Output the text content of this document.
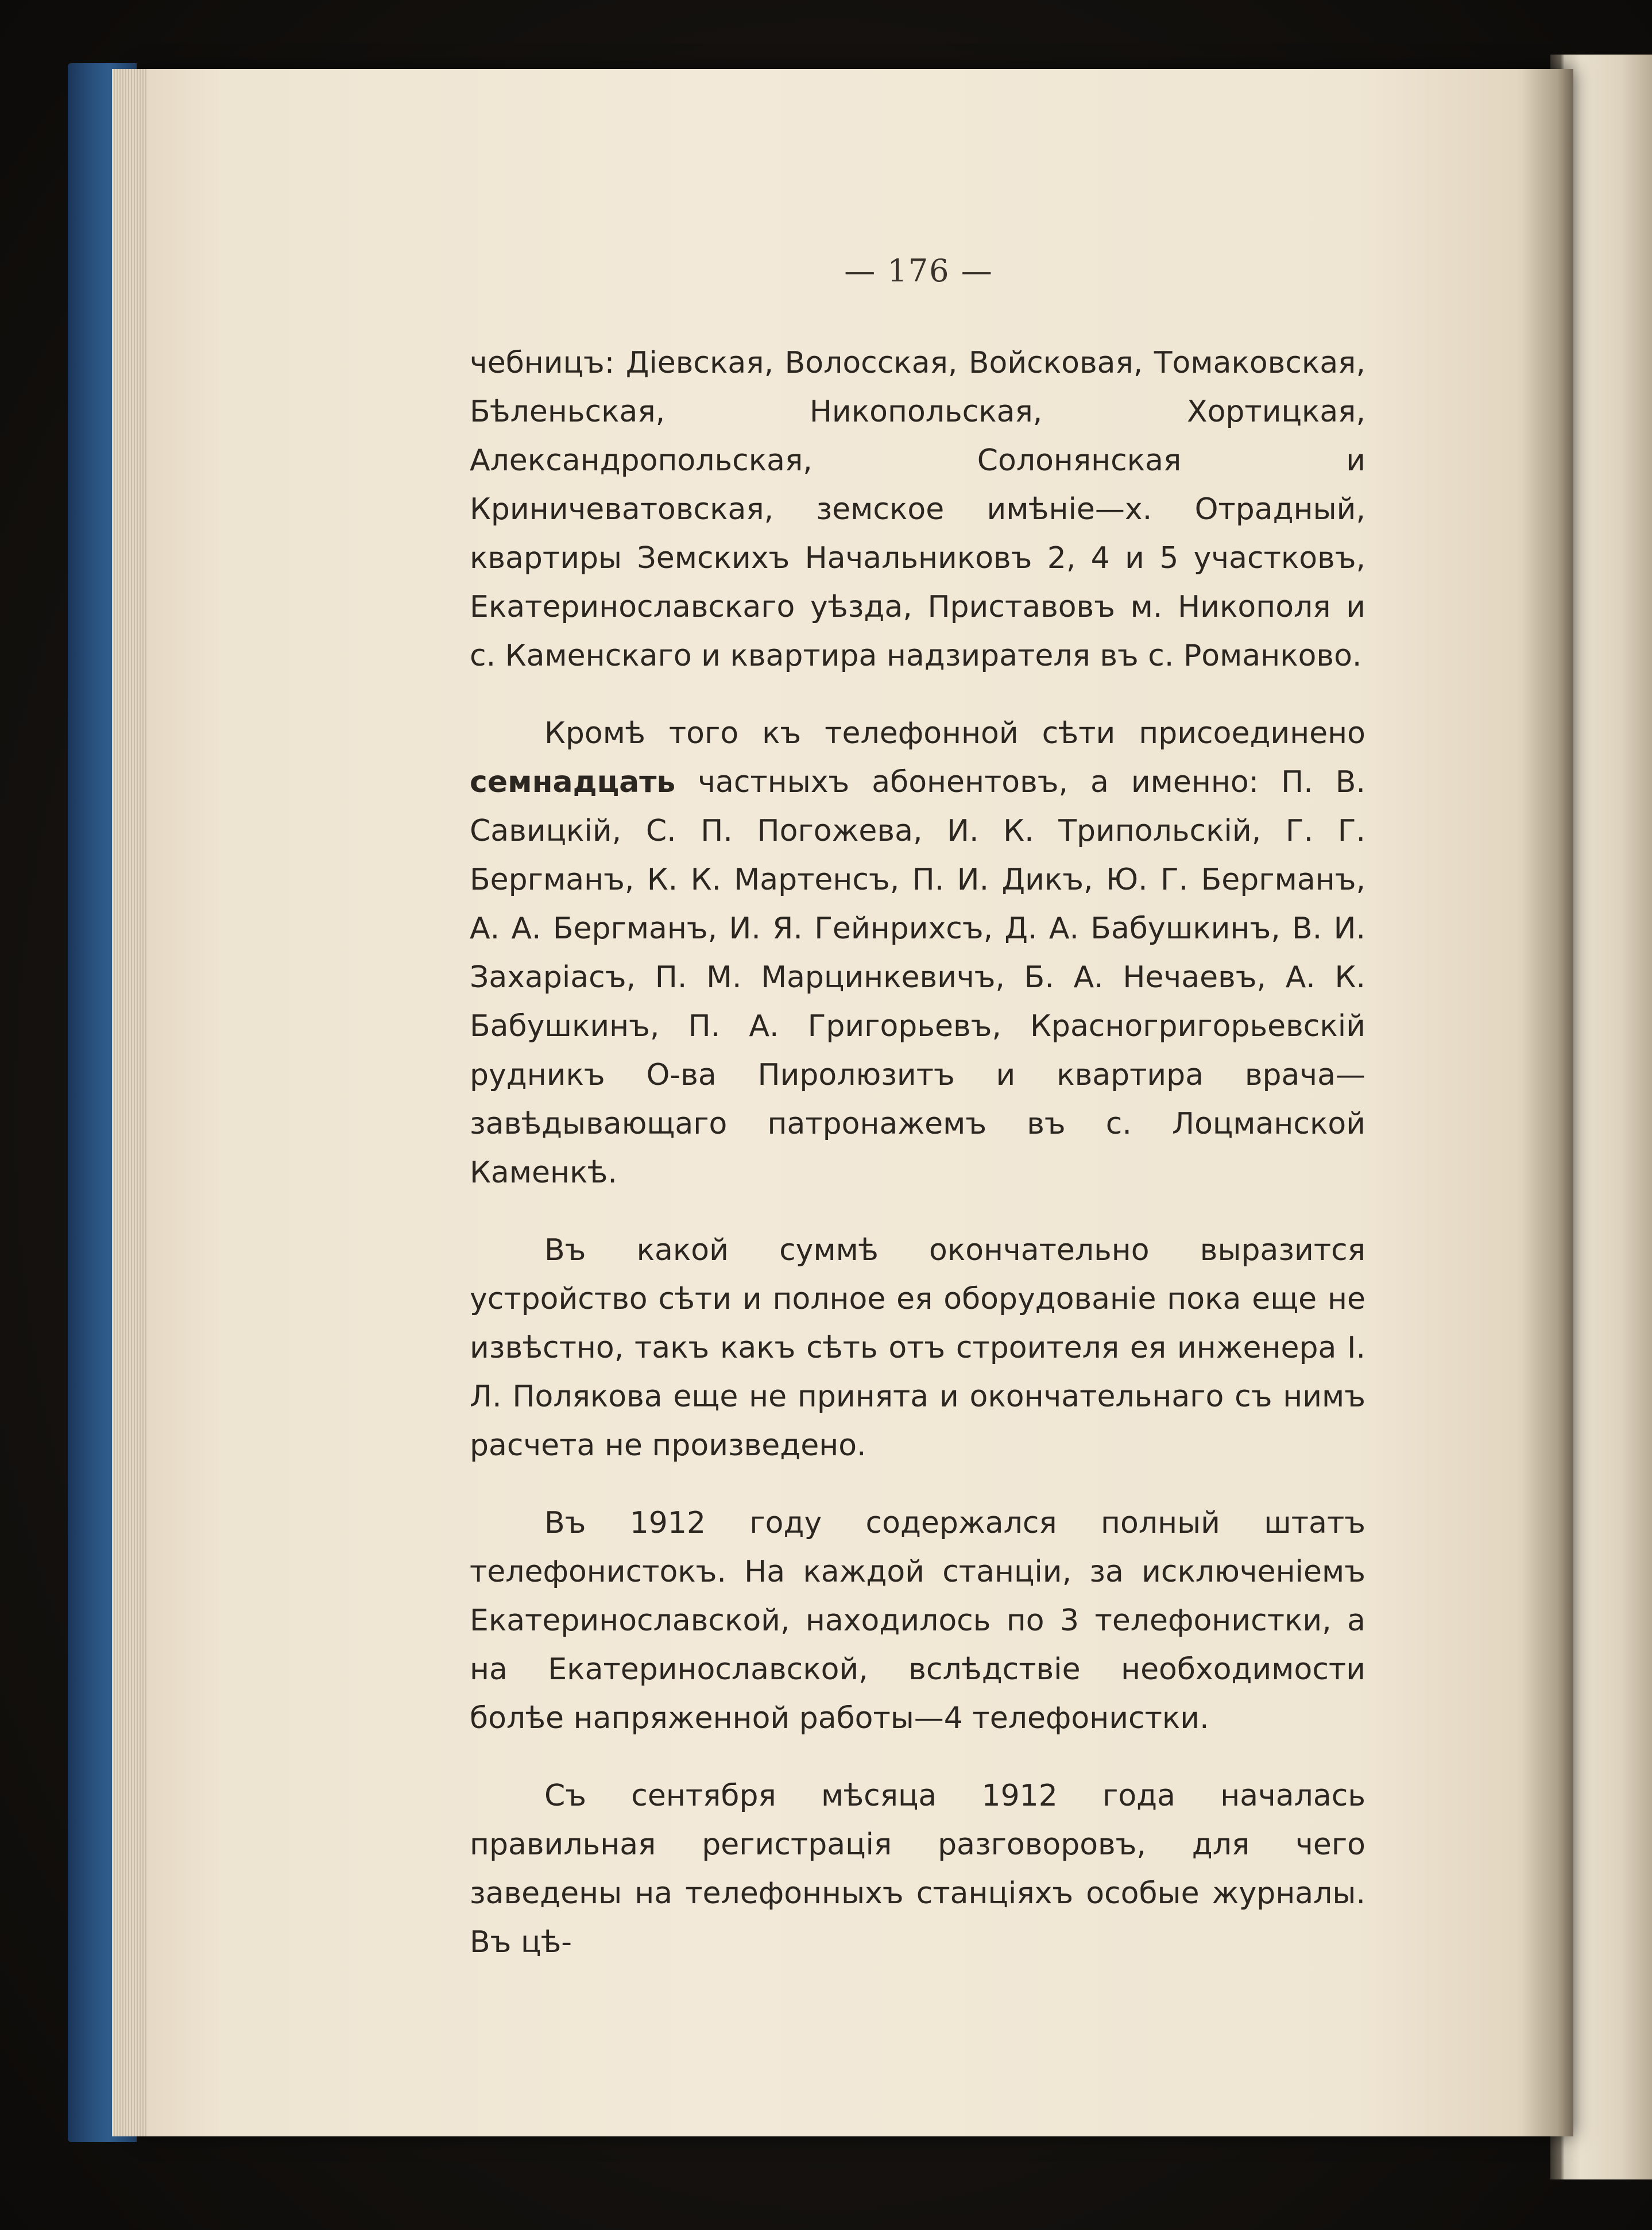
— 176 —

чебницъ: Дiевская, Волосская, Войсковая, Томаковская, Бѣленьская, Никопольская, Хортицкая, Александропольская, Солонянская и Криничеватовская, земское имѣнiе—х. Отрадный, квартиры Земскихъ Начальниковъ 2, 4 и 5 участковъ, Екатеринославскаго уѣзда, Приставовъ м. Никополя и с. Каменскаго и квартира надзирателя въ с. Романково.

Кромѣ того къ телефонной сѣти присоединено семнадцать частныхъ абонентовъ, а именно: П. В. Савицкiй, С. П. Погожева, И. К. Трипольскiй, Г. Г. Бергманъ, К. К. Мартенсъ, П. И. Дикъ, Ю. Г. Бергманъ, А. А. Бергманъ, И. Я. Гейнрихсъ, Д. А. Бабушкинъ, В. И. Захарiасъ, П. М. Марцинкевичъ, Б. А. Нечаевъ, А. К. Бабушкинъ, П. А. Григорьевъ, Красногригорьевскiй рудникъ О-ва Пиролюзитъ и квартира врача—завѣдывающаго патронажемъ въ с. Лоцманской Каменкѣ.

Въ какой суммѣ окончательно выразится устройство сѣти и полное ея оборудованiе пока еще не извѣстно, такъ какъ сѣть отъ строителя ея инженера I. Л. Полякова еще не принята и окончательнаго съ нимъ расчета не произведено.

Въ 1912 году содержался полный штатъ телефонистокъ. На каждой станцiи, за исключенiемъ Екатеринославской, находилось по 3 телефонистки, а на Екатеринославской, вслѣдствiе необходимости болѣе напряженной работы—4 телефонистки.

Съ сентября мѣсяца 1912 года началась правильная регистрацiя разговоровъ, для чего заведены на телефонныхъ станцiяхъ особые журналы. Въ цѣ-
